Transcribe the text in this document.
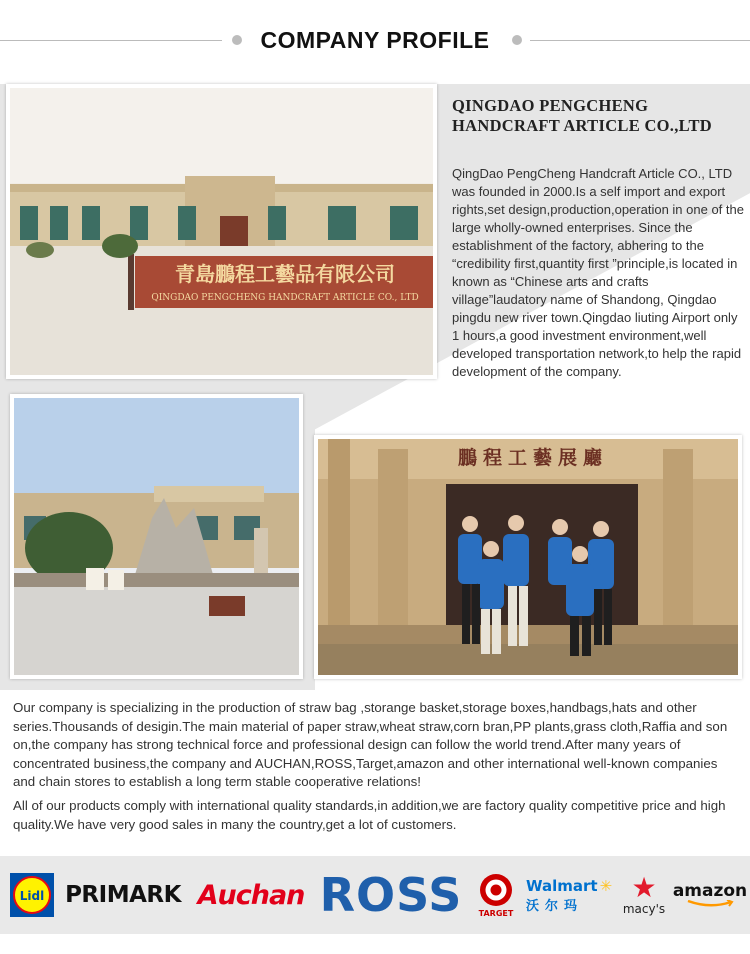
COMPANY PROFILE
青島鵬程工藝品有限公司
QINGDAO PENGCHENG HANDCRAFT ARTICLE CO., LTD
鵬程工藝展廳
QINGDAO PENGCHENG
HANDCRAFT ARTICLE CO.,LTD
QingDao PengCheng Handcraft Article CO., LTD was founded in 2000.Is a self import and export rights,set design,production,operation in one of the large wholly-owned enterprises. Since the establishment of the factory, abhering to the “credibility first,quantity first ”principle,is located in known as “Chinese arts and crafts village”laudatory name of Shandong, Qingdao pingdu new river town.Qingdao liuting Airport only 1 hours,a good investment environment,well developed transportation network,to help the rapid development of the company.
Our company is specializing in the production of straw bag ,storange basket,storage boxes,handbags,hats and other series.Thousands of desigin.The main material of paper straw,wheat straw,corn bran,PP plants,grass cloth,Raffia and son on,the company has strong technical force and professional design can follow the world trend.After many years of concentrated business,the company and AUCHAN,ROSS,Target,amazon and other international well-known companies and chain stores to establish a long term stable cooperative relations!
All of our products comply with international quality standards,in addition,we are factory quality competitive price and high quality.We have very good sales in many the country,get a lot of customers.
Lidl PRIMARK Auchan ROSS TARGET
Walmart ✳
沃尔玛
★
macy's
amazon
